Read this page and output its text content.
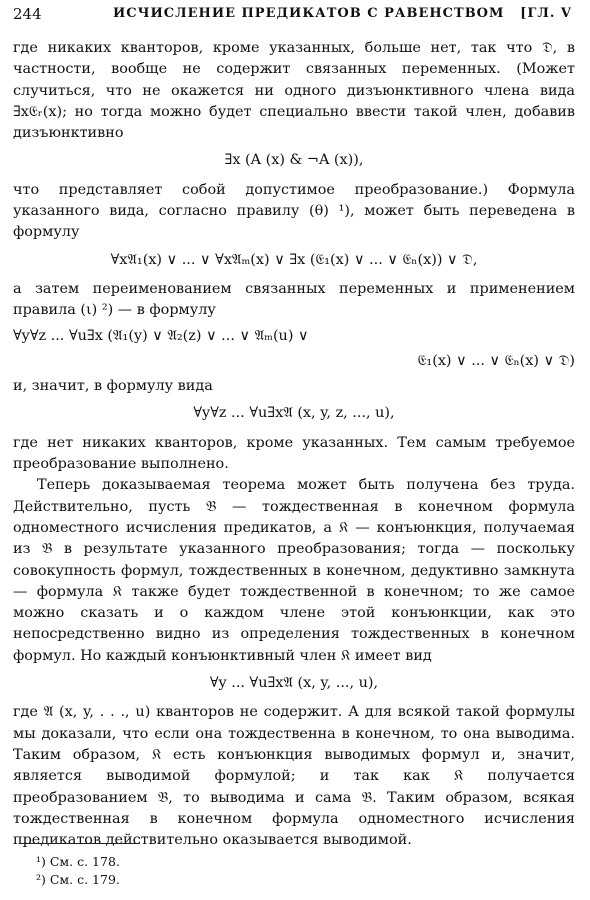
244	ИСЧИСЛЕНИЕ ПРЕДИКАТОВ С РАВЕНСТВОМ [ГЛ. V

где никаких кванторов, кроме указанных, больше нет, так что 𝔇, в частности, вообще не содержит связанных переменных. (Может случиться, что не окажется ни одного дизъюнктивного члена вида ∃x𝔈ᵣ(x); но тогда можно будет специально ввести такой член, добавив дизъюнктивно

∃x (A (x) & ¬A (x)),

что представляет собой допустимое преобразование.) Формула указанного вида, согласно правилу (θ) ¹), может быть переведена в формулу

∀x𝔄₁(x) ∨ ... ∨ ∀x𝔄ₘ(x) ∨ ∃x (𝔈₁(x) ∨ ... ∨ 𝔈ₙ(x)) ∨ 𝔇,

а затем переименованием связанных переменных и применением правила (ι) ²) — в формулу

∀y∀z ... ∀u∃x (𝔄₁(y) ∨ 𝔄₂(z) ∨ ... ∨ 𝔄ₘ(u) ∨
𝔈₁(x) ∨ ... ∨ 𝔈ₙ(x) ∨ 𝔇)

и, значит, в формулу вида

∀y∀z ... ∀u∃x𝔄 (x, y, z, ..., u),

где нет никаких кванторов, кроме указанных. Тем самым требуемое преобразование выполнено.

Теперь доказываемая теорема может быть получена без труда. Действительно, пусть 𝔅 — тождественная в конечном формула одноместного исчисления предикатов, а 𝔎 — конъюнкция, получаемая из 𝔅 в результате указанного преобразования; тогда — поскольку совокупность формул, тождественных в конечном, дедуктивно замкнута — формула 𝔎 также будет тождественной в конечном; то же самое можно сказать и о каждом члене этой конъюнкции, как это непосредственно видно из определения тождественных в конечном формул. Но каждый конъюнктивный член 𝔎 имеет вид

∀y ... ∀u∃x𝔄 (x, y, ..., u),

где 𝔄 (x, y, . . ., u) кванторов не содержит. А для всякой такой формулы мы доказали, что если она тождественна в конечном, то она выводима. Таким образом, 𝔎 есть конъюнкция выводимых формул и, значит, является выводимой формулой; и так как 𝔎 получается преобразованием 𝔅, то выводима и сама 𝔅. Таким образом, всякая тождественная в конечном формула одноместного исчисления предикатов действительно оказывается выводимой.

¹) См. с. 178.
²) См. с. 179.
